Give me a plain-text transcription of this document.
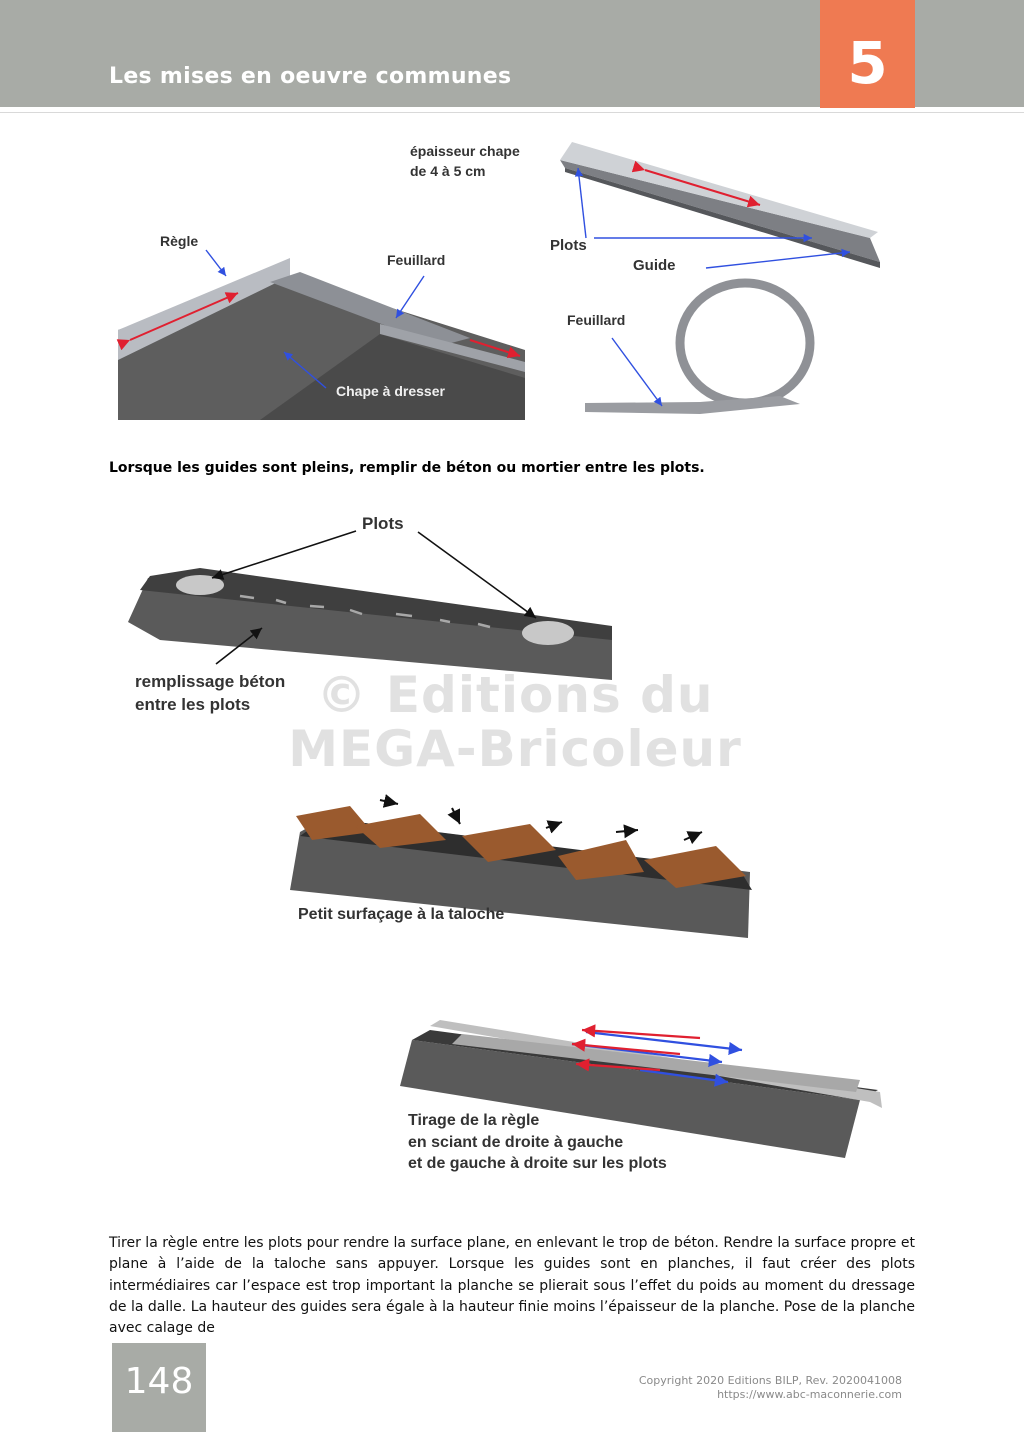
Les mises en oeuvre communes	5
épaisseur chape
de 4 à 5 cm
Règle
Feuillard
Chape à dresser
Plots
Guide
Feuillard
Lorsque les guides sont pleins, remplir de béton ou mortier entre les plots.
Plots
remplissage béton
entre les plots	© Editions du
MEGA-Bricoleur
Petit surfaçage à la taloche
Tirage de la règle
en sciant de droite à gauche
et de gauche à droite sur les plots
Tirer la règle entre les plots pour rendre la surface plane, en enlevant le trop de béton. Rendre la surface propre et plane à l’aide de la taloche sans appuyer. Lorsque les guides sont en planches, il faut créer des plots intermédiaires car l’espace est trop important la planche se plierait sous l’effet du poids au moment du dressage de la dalle. La hauteur des guides sera égale à la hauteur finie moins l’épaisseur de la planche. Pose de la planche avec calage de
148	Copyright 2020 Editions BILP, Rev. 2020041008
https://www.abc-maconnerie.com
